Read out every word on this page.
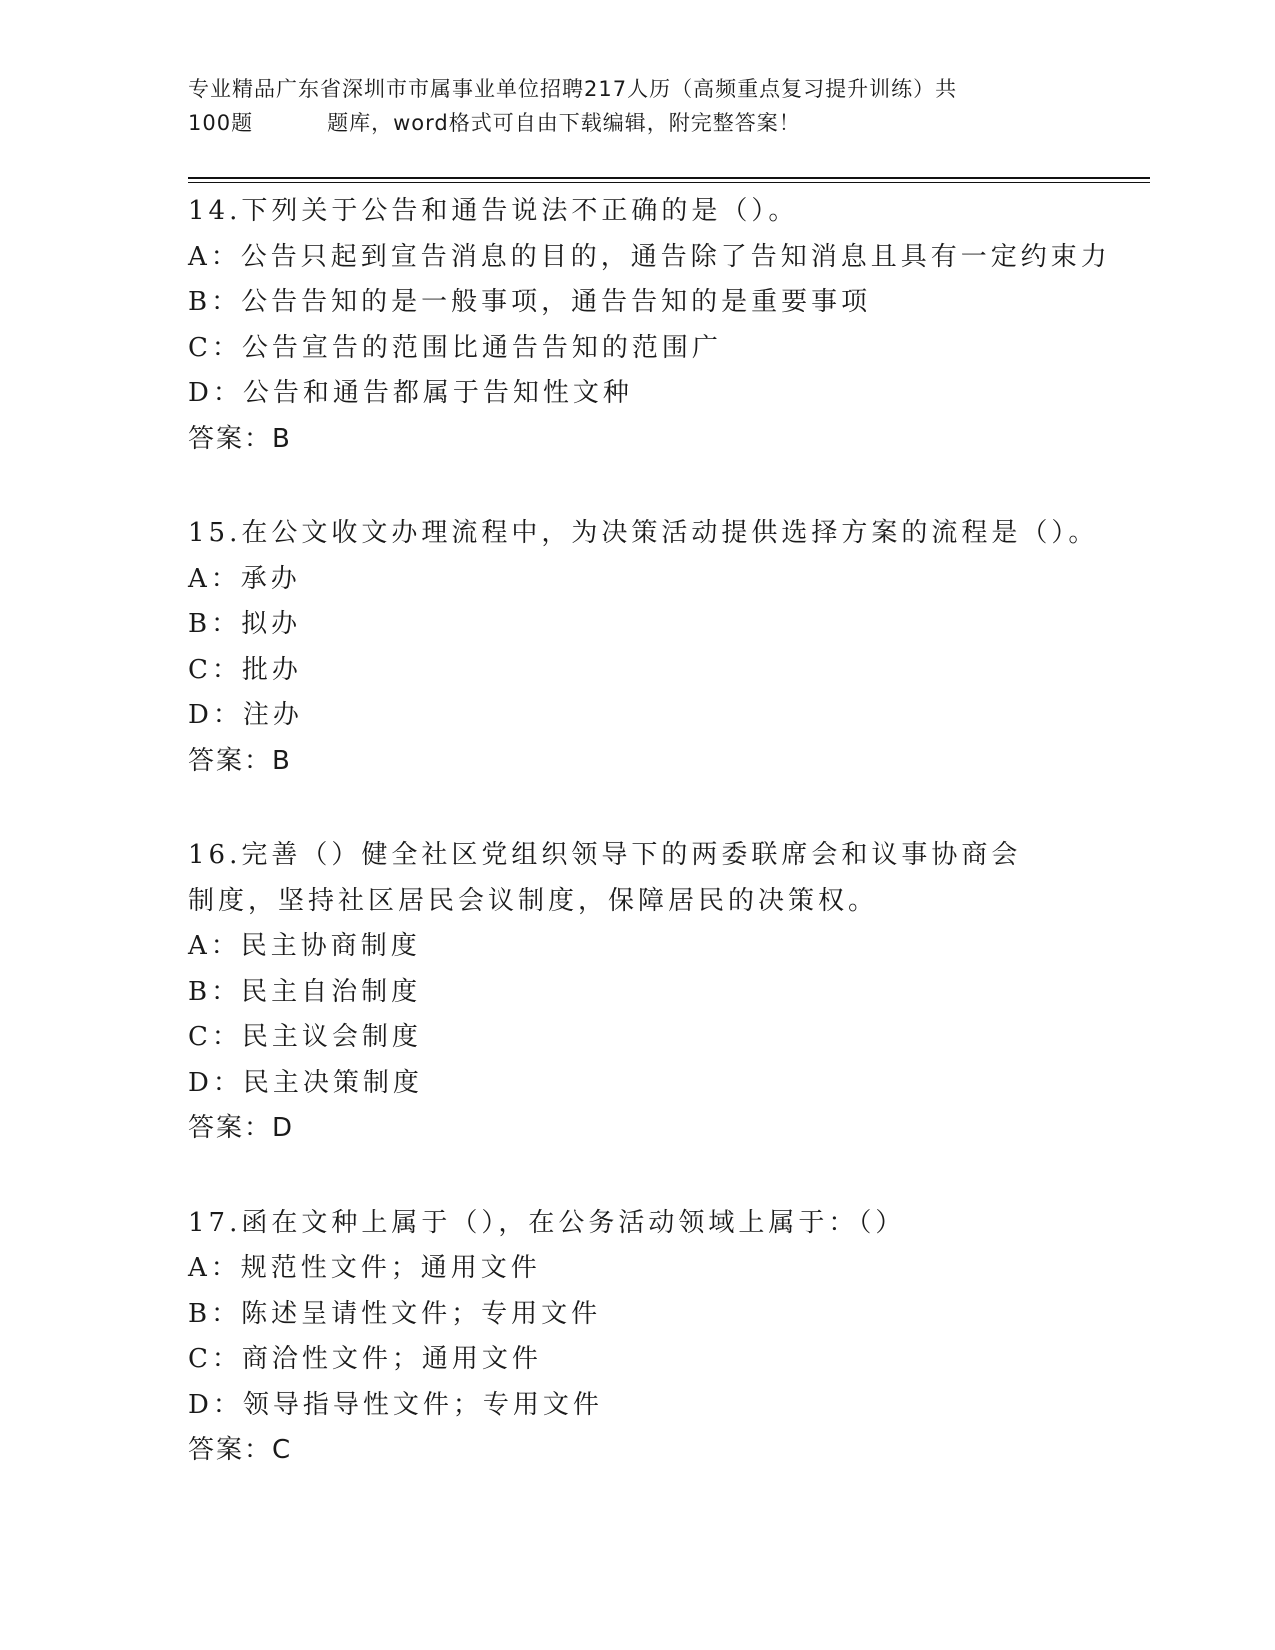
专业精品广东省深圳市市属事业单位招聘217人历（高频重点复习提升训练）共
100题	题库，word格式可自由下载编辑，附完整答案！
14.下列关于公告和通告说法不正确的是（）。
A：公告只起到宣告消息的目的，通告除了告知消息且具有一定约束力
B：公告告知的是一般事项，通告告知的是重要事项
C：公告宣告的范围比通告告知的范围广
D：公告和通告都属于告知性文种
答案：B
15.在公文收文办理流程中，为决策活动提供选择方案的流程是（）。
A：承办
B：拟办
C：批办
D：注办
答案：B
16.完善（）健全社区党组织领导下的两委联席会和议事协商会制度，坚持社区居民会议制度，保障居民的决策权。
A：民主协商制度
B：民主自治制度
C：民主议会制度
D：民主决策制度
答案：D
17.函在文种上属于（），在公务活动领域上属于：（）
A：规范性文件；通用文件
B：陈述呈请性文件；专用文件
C：商洽性文件；通用文件
D：领导指导性文件；专用文件
答案：C
